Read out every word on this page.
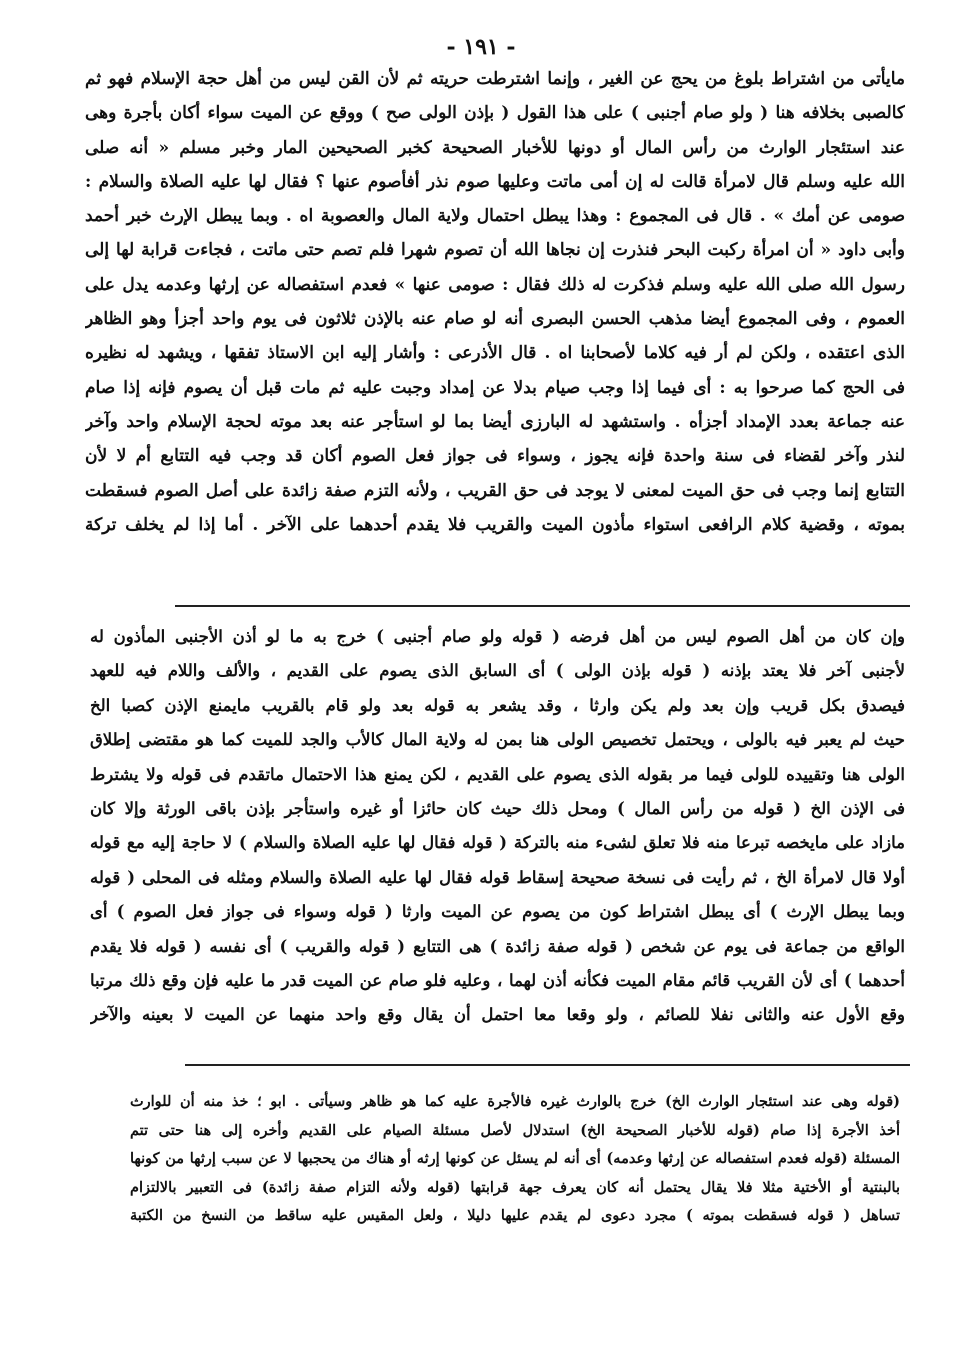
- ١٩١ -
مايأتى من اشتراط بلوغ من يحج عن الغير ، وإنما اشترطت حريته ثم لأن القن ليس من أهل حجة الإسلام فهو ثم
كالصبى بخلافه هنا ( ولو صام أجنبى ) على هذا القول ( بإذن الولى صح ) ووقع عن الميت سواء أكان بأجرة وهى
عند استئجار الوارث من رأس المال أو دونها للأخبار الصحيحة كخبر الصحيحين المار وخبر مسلم « أنه صلى
الله عليه وسلم قال لامرأة قالت له إن أمى ماتت وعليها صوم نذر أفأصوم عنها ؟ فقال لها عليه الصلاة والسلام :
صومى عن أمك » . قال فى المجموع : وهذا يبطل احتمال ولاية المال والعصوبة اه . وبما يبطل الإرث خبر أحمد
وأبى داود « أن امرأة ركبت البحر فنذرت إن نجاها الله أن تصوم شهرا فلم تصم حتى ماتت ، فجاءت قرابة لها إلى
رسول الله صلى الله عليه وسلم فذكرت له ذلك فقال : صومى عنها » فعدم استفصاله عن إرثها وعدمه يدل على
العموم ، وفى المجموع أيضا مذهب الحسن البصرى أنه لو صام عنه بالإذن ثلاثون فى يوم واحد أجزأ وهو الظاهر
الذى اعتقده ، ولكن لم أر فيه كلاما لأصحابنا اه . قال الأذرعى : وأشار إليه ابن الاستاذ تفقها ، ويشهد له نظيره
فى الحج كما صرحوا به : أى فيما إذا وجب صيام بدلا عن إمداد وجبت عليه ثم مات قبل أن يصوم فإنه إذا صام
عنه جماعة بعدد الإمداد أجزأه . واستشهد له البارزى أيضا بما لو استأجر عنه بعد موته لحجة الإسلام واحد وآخر
لنذر وآخر لقضاء فى سنة واحدة فإنه يجوز ، وسواء فى جواز فعل الصوم أكان قد وجب فيه التتابع أم لا لأن
التتابع إنما وجب فى حق الميت لمعنى لا يوجد فى حق القريب ، ولأنه التزم صفة زائدة على أصل الصوم فسقطت
بموته ، وقضية كلام الرافعى استواء مأذون الميت والقريب فلا يقدم أحدهما على الآخر . أما إذا لم يخلف تركة
وإن كان من أهل الصوم ليس من أهل فرضه ( قوله ولو صام أجنبى ) خرج به ما لو أذن الأجنبى المأذون له
لأجنبى آخر فلا يعتد بإذنه ( قوله بإذن الولى ) أى السابق الذى يصوم على القديم ، والألف واللام فيه للعهد
فيصدق بكل قريب وإن بعد ولم يكن وارثا ، وقد يشعر به قوله بعد ولو قام بالقريب مايمنع الإذن كصبا الخ
حيث لم يعبر فيه بالولى ، ويحتمل تخصيص الولى هنا بمن له ولاية المال كالأب والجد للميت كما هو مقتضى إطلاق
الولى هنا وتقييده للولى فيما مر بقوله الذى يصوم على القديم ، لكن يمنع هذا الاحتمال ماتقدم فى قوله ولا يشترط
فى الإذن الخ ( قوله من رأس المال ) ومحل ذلك حيث كان حائزا أو غيره واستأجر بإذن باقى الورثة وإلا كان
مازاد على مايخصه تبرعا منه فلا تعلق لشىء منه بالتركة ( قوله فقال لها عليه الصلاة والسلام ) لا حاجة إليه مع قوله
أولا قال لامرأة الخ ، ثم رأيت فى نسخة صحيحة إسقاط قوله فقال لها عليه الصلاة والسلام ومثله فى المحلى ( قوله
وبما يبطل الإرث ) أى يبطل اشتراط كون من يصوم عن الميت وارثا ( قوله وسواء فى جواز فعل الصوم ) أى
الواقع من جماعة فى يوم عن شخص ( قوله صفة زائدة ) هى التتابع ( قوله والقريب ) أى نفسه ( قوله فلا يقدم
أحدهما ) أى لأن القريب قائم مقام الميت فكأنه أذن لهما ، وعليه فلو صام عن الميت قدر ما عليه فإن وقع ذلك مرتبا
وقع الأول عنه والثانى نفلا للصائم ، ولو وقعا معا احتمل أن يقال وقع واحد منهما عن الميت لا بعينه والآخر
(قوله وهى عند استئجار الوارث الخ) خرج بالوارث غيره فالأجرة عليه كما هو ظاهر وسيأتى . ابو ؛ خذ منه أن للوارث
أخذ الأجرة إذا صام (قوله للأخبار الصحيحة الخ) استدلال لأصل مسئلة الصيام على القديم وأخره إلى هنا حتى تتم
المسئلة (قوله فعدم استفصاله عن إرثها وعدمه) أى أنه لم يسئل عن كونها إرثه أو هناك من يحجبها لا عن سبب إرثها من كونها
بالبنتية أو الأختية مثلا فلا يقال يحتمل أنه كان يعرف جهة قرابتها (قوله ولأنه التزام صفة زائدة) فى التعبير بالالتزام
تساهل ( قوله فسقطت بموته ) مجرد دعوى لم يقدم عليها دليلا ، ولعل المقيس عليه ساقط من النسخ من الكتبة
